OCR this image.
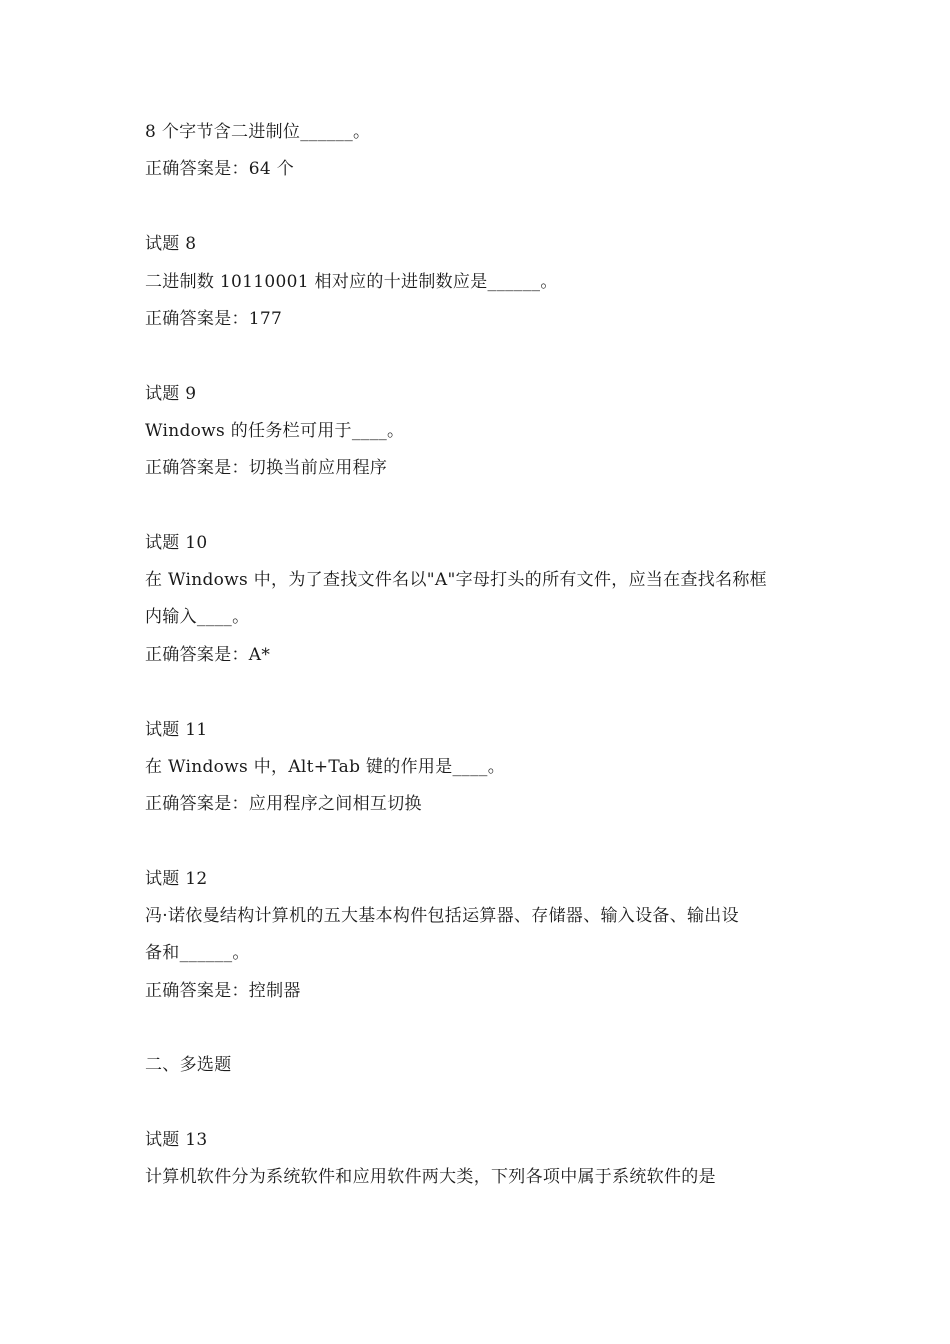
8 个字节含二进制位______。
正确答案是：64 个
试题 8
二进制数 10110001 相对应的十进制数应是______。
正确答案是：177
试题 9
Windows 的任务栏可用于____。
正确答案是：切换当前应用程序
试题 10
在 Windows 中，为了查找文件名以"A"字母打头的所有文件，应当在查找名称框
内输入____。
正确答案是：A*
试题 11
在 Windows 中，Alt+Tab 键的作用是____。
正确答案是：应用程序之间相互切换
试题 12
冯·诺依曼结构计算机的五大基本构件包括运算器、存储器、输入设备、输出设
备和______。
正确答案是：控制器
二、多选题
试题 13
计算机软件分为系统软件和应用软件两大类，下列各项中属于系统软件的是
